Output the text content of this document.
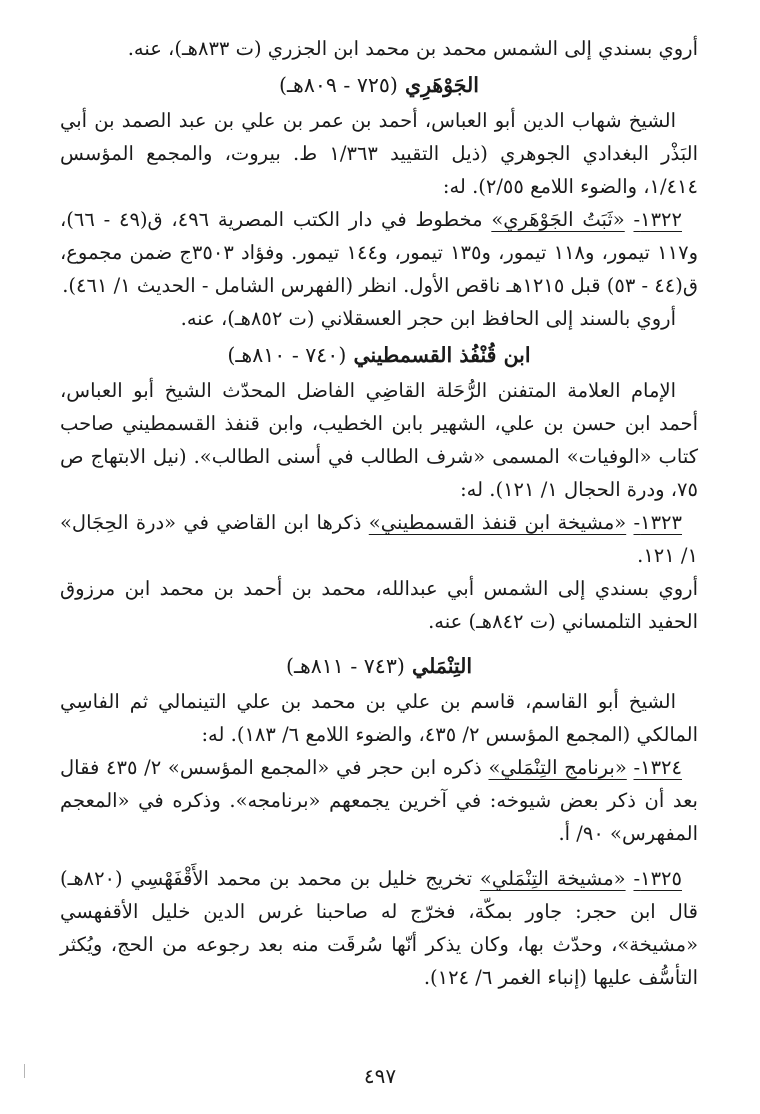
أروي بسندي إلى الشمس محمد بن محمد ابن الجزري (ت ٨٣٣هـ)، عنه.

الجَوْهَرِي (٧٢٥ - ٨٠٩هـ)

الشيخ شهاب الدين أبو العباس، أحمد بن عمر بن علي بن عبد الصمد بن أبي البَذْر البغدادي الجوهري (ذيل التقييد ١/٣٦٣ ط. بيروت، والمجمع المؤسس ١/٤١٤، والضوء اللامع ٢/٥٥). له:

١٣٢٢- «ثَبَتُ الجَوْهَري» مخطوط في دار الكتب المصرية ٤٩٦، ق(٤٩ - ٦٦)، و١١٧ تيمور، و١١٨ تيمور، و١٣٥ تيمور، و١٤٤ تيمور. وفؤاد ٣٥٠٣ج ضمن مجموع، ق(٤٤ - ٥٣) قبل ١٢١٥هـ ناقص الأول. انظر (الفهرس الشامل - الحديث ١/ ٤٦١).

أروي بالسند إلى الحافظ ابن حجر العسقلاني (ت ٨٥٢هـ)، عنه.

ابن قُنْفُذ القسمطيني (٧٤٠ - ٨١٠هـ)

الإمام العلامة المتفنن الرُّحَلة القاضِي الفاضل المحدّث الشيخ أبو العباس، أحمد ابن حسن بن علي، الشهير بابن الخطيب، وابن قنفذ القسمطيني صاحب كتاب «الوفيات» المسمى «شرف الطالب في أسنى الطالب». (نيل الابتهاج ص ٧٥، ودرة الحجال ١/ ١٢١). له:

١٣٢٣- «مشيخة ابن قنفذ القسمطيني» ذكرها ابن القاضي في «درة الحِجَال» ١/ ١٢١.

أروي بسندي إلى الشمس أبي عبدالله، محمد بن أحمد بن محمد ابن مرزوق الحفيد التلمساني (ت ٨٤٢هـ) عنه.

التِنْمَلي (٧٤٣ - ٨١١هـ)

الشيخ أبو القاسم، قاسم بن علي بن محمد بن علي التينمالي ثم الفاسِي المالكي (المجمع المؤسس ٢/ ٤٣٥، والضوء اللامع ٦/ ١٨٣). له:

١٣٢٤- «برنامج التِنْمَلي» ذكره ابن حجر في «المجمع المؤسس» ٢/ ٤٣٥ فقال بعد أن ذكر بعض شيوخه: في آخرين يجمعهم «برنامجه». وذكره في «المعجم المفهرس» ٩٠/ أ.

١٣٢٥- «مشيخة التِنْمَلي» تخريج خليل بن محمد بن محمد الأَقْفَهْسِي (٨٢٠هـ) قال ابن حجر: جاور بمكّة، فخرّج له صاحبنا غرس الدين خليل الأقفهسي «مشيخة»، وحدّث بها، وكان يذكر أنّها سُرقَت منه بعد رجوعه من الحج، ويُكثر التأسُّف عليها (إنباء الغمر ٦/ ١٢٤).

٤٩٧
